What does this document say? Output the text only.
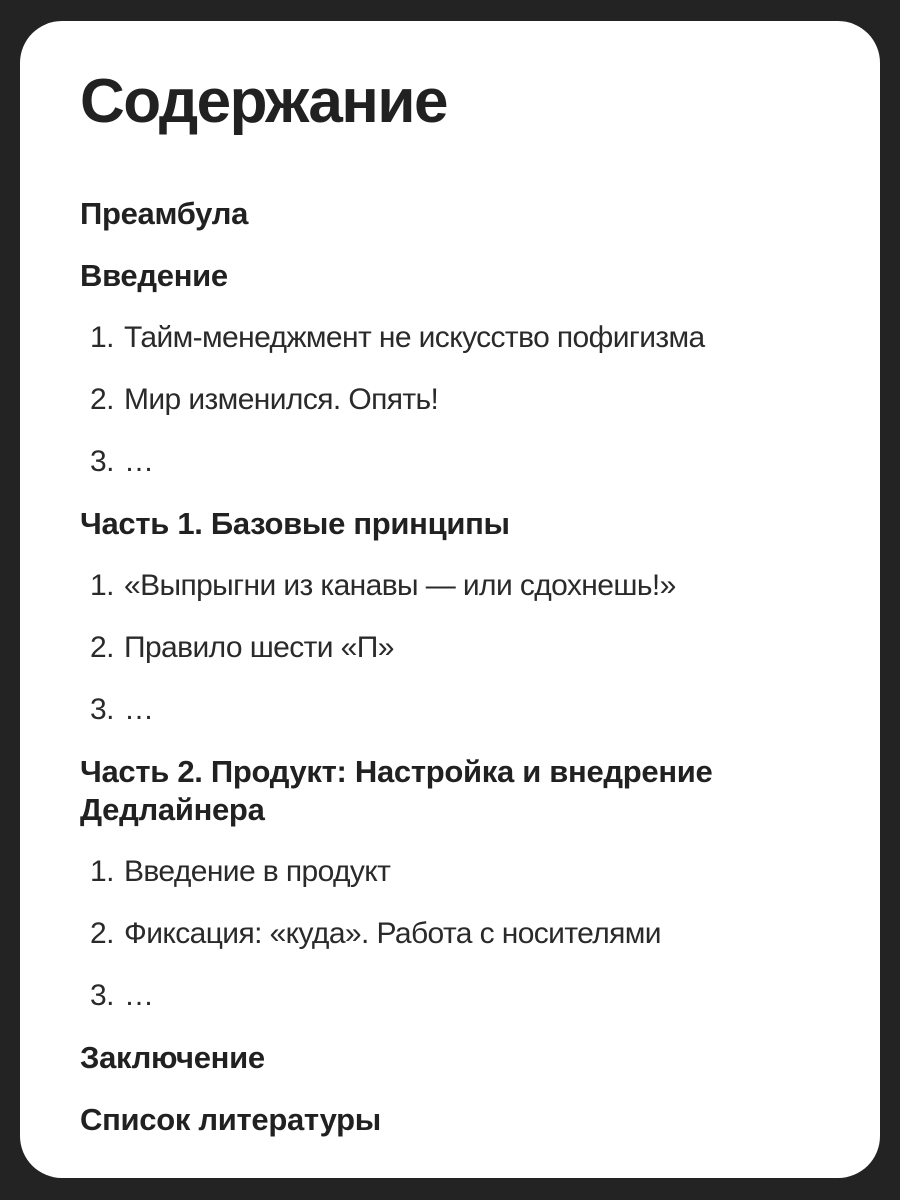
Содержание
Преамбула
Введение
1. Тайм-менеджмент не искусство пофигизма
2. Мир изменился. Опять!
3. …
Часть 1. Базовые принципы
1. «Выпрыгни из канавы — или сдохнешь!»
2. Правило шести «П»
3. …
Часть 2. Продукт: Настройка и внедрение Дедлайнера
1. Введение в продукт
2. Фиксация: «куда». Работа с носителями
3. …
Заключение
Список литературы
